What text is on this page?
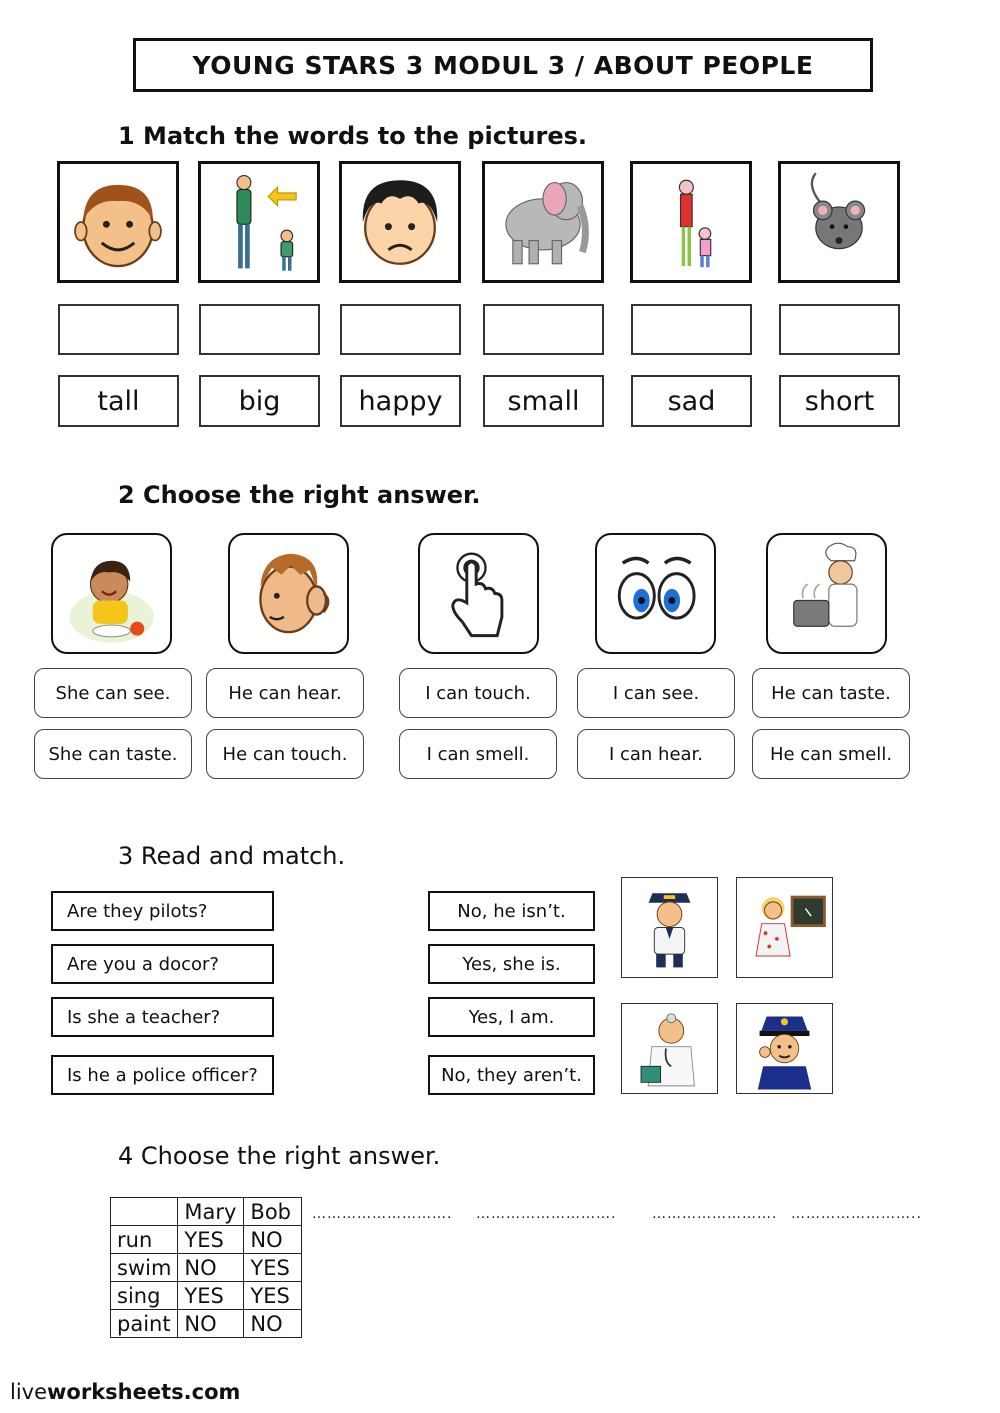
YOUNG STARS 3 MODUL 3 / ABOUT PEOPLE
1 Match the words to the pictures.
tall	big	happy	small	sad	short
2 Choose the right answer.
She can see.
She can taste.
He can hear.
He can touch.
I can touch.
I can smell.
I can see.
I can hear.
He can taste.
He can smell.
3 Read and match.
Are they pilots?
Are you a docor?
Is she a teacher?
Is he a police officer?
No, he isn’t.
Yes, she is.
Yes, I am.
No, they aren’t.
4 Choose the right answer.
	Mary	Bob
run	YES	NO
swim	NO	YES
sing	YES	YES
paint	NO	NO
………………………. ……………………….	……………………. ……………………..
liveworksheets.com
